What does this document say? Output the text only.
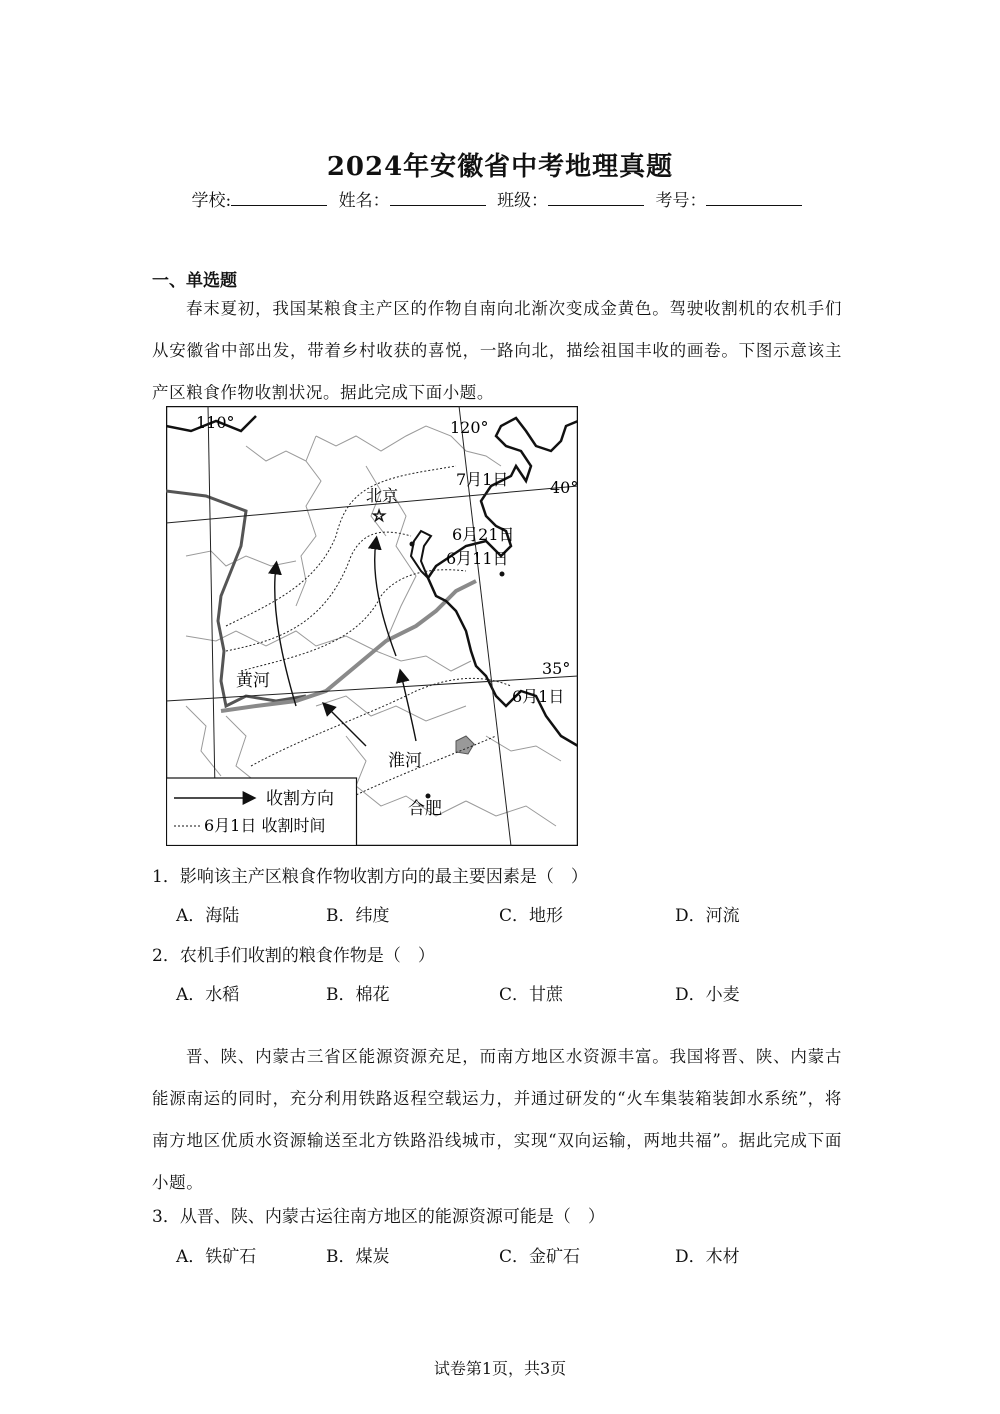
2024年安徽省中考地理真题
学校:	姓名：	班级：	考号：
一、单选题
春末夏初，我国某粮食主产区的作物自南向北渐次变成金黄色。驾驶收割机的农机手们从安徽省中部出发，带着乡村收获的喜悦，一路向北，描绘祖国丰收的画卷。下图示意该主产区粮食作物收割状况。据此完成下面小题。
☆
110°	120°
40°
35°
北京
7月1日
6月21日
6月11日
6月1日
黄河
淮河
合肥
收割方向
6月1日 收割时间
1．影响该主产区粮食作物收割方向的最主要因素是（　）
A．海陆	B．纬度	C．地形	D．河流
2．农机手们收割的粮食作物是（　）
A．水稻	B．棉花	C．甘蔗	D．小麦
晋、陕、内蒙古三省区能源资源充足，而南方地区水资源丰富。我国将晋、陕、内蒙古能源南运的同时，充分利用铁路返程空载运力，并通过研发的“火车集装箱装卸水系统”，将南方地区优质水资源输送至北方铁路沿线城市，实现“双向运输，两地共福”。据此完成下面小题。
3．从晋、陕、内蒙古运往南方地区的能源资源可能是（　）
A．铁矿石	B．煤炭	C．金矿石	D．木材
试卷第1页，共3页
